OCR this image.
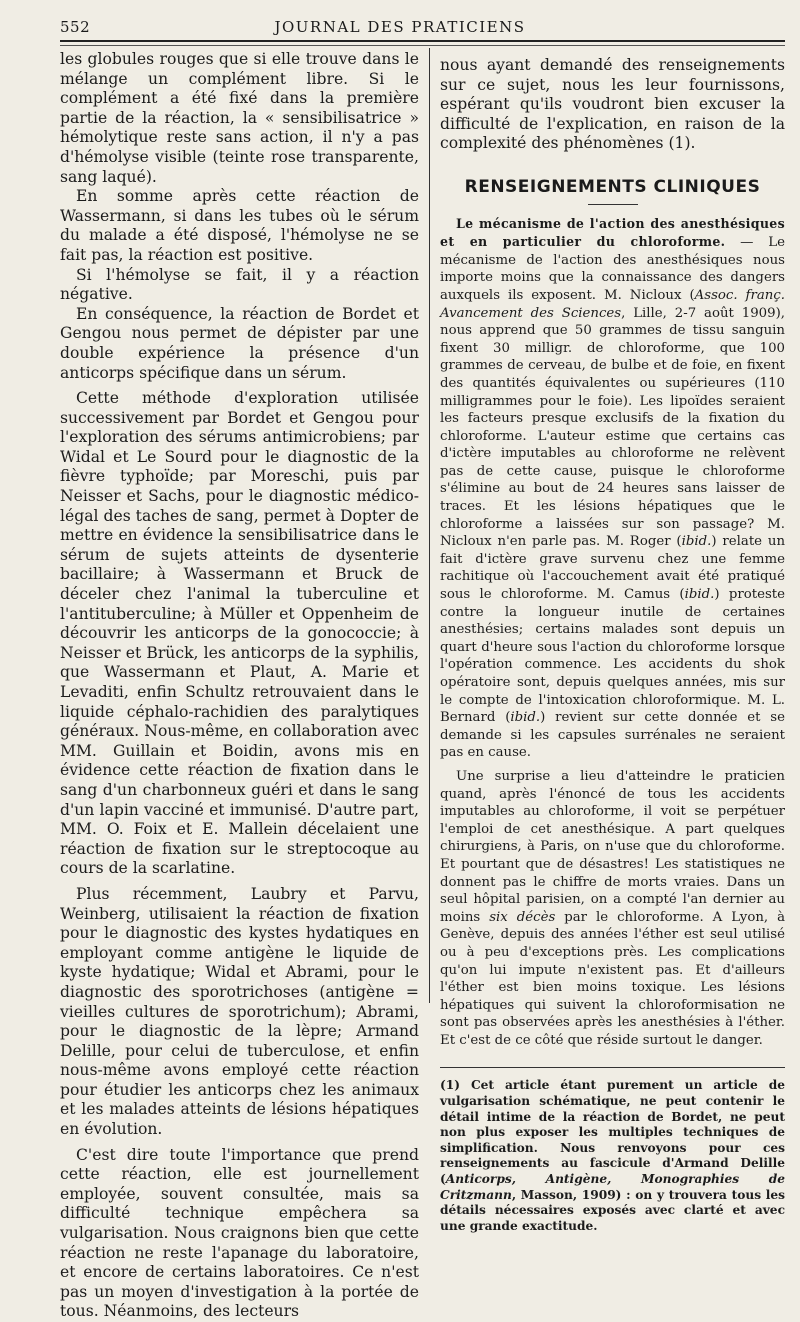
552	JOURNAL DES PRATICIENS

les globules rouges que si elle trouve dans le mélange un complément libre. Si le complément a été fixé dans la première partie de la réaction, la « sensibilisatrice » hémolytique reste sans action, il n'y a pas d'hémolyse visible (teinte rose transparente, sang laqué).

En somme après cette réaction de Wassermann, si dans les tubes où le sérum du malade a été disposé, l'hémolyse ne se fait pas, la réaction est positive.

Si l'hémolyse se fait, il y a réaction négative.

En conséquence, la réaction de Bordet et Gengou nous permet de dépister par une double expérience la présence d'un anticorps spécifique dans un sérum.

Cette méthode d'exploration utilisée successivement par Bordet et Gengou pour l'exploration des sérums antimicrobiens; par Widal et Le Sourd pour le diagnostic de la fièvre typhoïde; par Moreschi, puis par Neisser et Sachs, pour le diagnostic médico-légal des taches de sang, permet à Dopter de mettre en évidence la sensibilisatrice dans le sérum de sujets atteints de dysenterie bacillaire; à Wassermann et Bruck de déceler chez l'animal la tuberculine et l'antituberculine; à Müller et Oppenheim de découvrir les anticorps de la gonococcie; à Neisser et Brück, les anticorps de la syphilis, que Wassermann et Plaut, A. Marie et Levaditi, enfin Schultz retrouvaient dans le liquide céphalo-rachidien des paralytiques généraux. Nous-même, en collaboration avec MM. Guillain et Boidin, avons mis en évidence cette réaction de fixation dans le sang d'un charbonneux guéri et dans le sang d'un lapin vacciné et immunisé. D'autre part, MM. O. Foix et E. Mallein décelaient une réaction de fixation sur le streptocoque au cours de la scarlatine.

Plus récemment, Laubry et Parvu, Weinberg, utilisaient la réaction de fixation pour le diagnostic des kystes hydatiques en employant comme antigène le liquide de kyste hydatique; Widal et Abrami, pour le diagnostic des sporotrichoses (antigène = vieilles cultures de sporotrichum); Abrami, pour le diagnostic de la lèpre; Armand Delille, pour celui de tuberculose, et enfin nous-même avons employé cette réaction pour étudier les anticorps chez les animaux et les malades atteints de lésions hépatiques en évolution.

C'est dire toute l'importance que prend cette réaction, elle est journellement employée, souvent consultée, mais sa difficulté technique empêchera sa vulgarisation. Nous craignons bien que cette réaction ne reste l'apanage du laboratoire, et encore de certains laboratoires. Ce n'est pas un moyen d'investigation à la portée de tous. Néanmoins, des lecteurs

nous ayant demandé des renseignements sur ce sujet, nous les leur fournissons, espérant qu'ils voudront bien excuser la difficulté de l'explication, en raison de la complexité des phénomènes (1).

RENSEIGNEMENTS CLINIQUES

Le mécanisme de l'action des anesthésiques et en particulier du chloroforme. — Le mécanisme de l'action des anesthésiques nous importe moins que la connaissance des dangers auxquels ils exposent. M. Nicloux (Assoc. franç. Avancement des Sciences, Lille, 2-7 août 1909), nous apprend que 50 grammes de tissu sanguin fixent 30 milligr. de chloroforme, que 100 grammes de cerveau, de bulbe et de foie, en fixent des quantités équivalentes ou supérieures (110 milligrammes pour le foie). Les lipoïdes seraient les facteurs presque exclusifs de la fixation du chloroforme. L'auteur estime que certains cas d'ictère imputables au chloroforme ne relèvent pas de cette cause, puisque le chloroforme s'élimine au bout de 24 heures sans laisser de traces. Et les lésions hépatiques que le chloroforme a laissées sur son passage? M. Nicloux n'en parle pas. M. Roger (ibid.) relate un fait d'ictère grave survenu chez une femme rachitique où l'accouchement avait été pratiqué sous le chloroforme. M. Camus (ibid.) proteste contre la longueur inutile de certaines anesthésies; certains malades sont depuis un quart d'heure sous l'action du chloroforme lorsque l'opération commence. Les accidents du shok opératoire sont, depuis quelques années, mis sur le compte de l'intoxication chloroformique. M. L. Bernard (ibid.) revient sur cette donnée et se demande si les capsules surrénales ne seraient pas en cause.

Une surprise a lieu d'atteindre le praticien quand, après l'énoncé de tous les accidents imputables au chloroforme, il voit se perpétuer l'emploi de cet anesthésique. A part quelques chirurgiens, à Paris, on n'use que du chloroforme. Et pourtant que de désastres! Les statistiques ne donnent pas le chiffre de morts vraies. Dans un seul hôpital parisien, on a compté l'an dernier au moins six décès par le chloroforme. A Lyon, à Genève, depuis des années l'éther est seul utilisé ou à peu d'exceptions près. Les complications qu'on lui impute n'existent pas. Et d'ailleurs l'éther est bien moins toxique. Les lésions hépatiques qui suivent la chloroformisation ne sont pas observées après les anesthésies à l'éther. Et c'est de ce côté que réside surtout le danger.

(1) Cet article étant purement un article de vulgarisation schématique, ne peut contenir le détail intime de la réaction de Bordet, ne peut non plus exposer les multiples techniques de simplification. Nous renvoyons pour ces renseignements au fascicule d'Armand Delille (Anticorps, Antigène, Monographies de Critzmann, Masson, 1909) : on y trouvera tous les détails nécessaires exposés avec clarté et avec une grande exactitude.
